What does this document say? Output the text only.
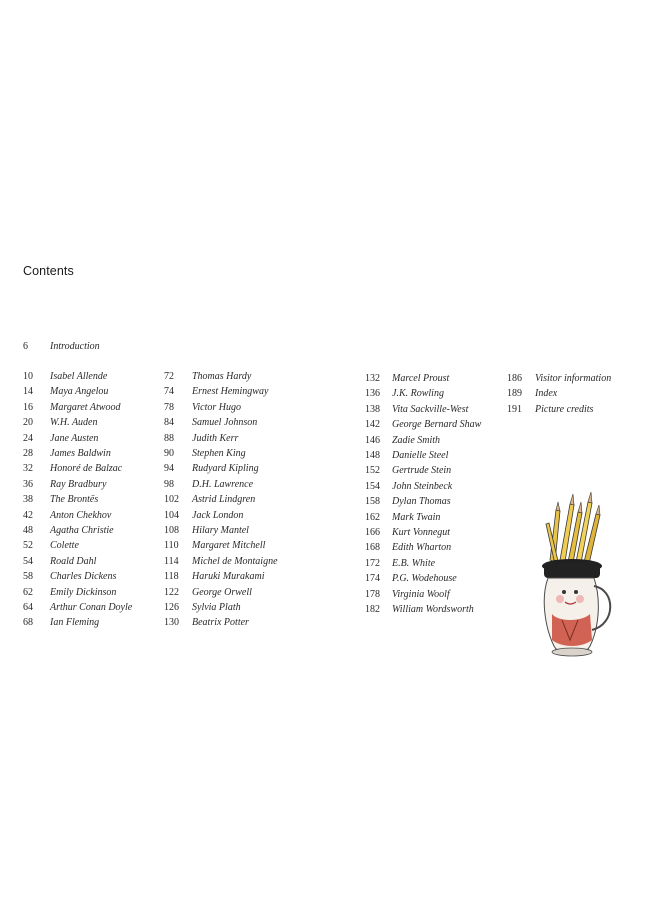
Contents
6	Introduction
10	Isabel Allende
14	Maya Angelou
16	Margaret Atwood
20	W.H. Auden
24	Jane Austen
28	James Baldwin
32	Honoré de Balzac
36	Ray Bradbury
38	The Brontës
42	Anton Chekhov
48	Agatha Christie
52	Colette
54	Roald Dahl
58	Charles Dickens
62	Emily Dickinson
64	Arthur Conan Doyle
68	Ian Fleming
72	Thomas Hardy
74	Ernest Hemingway
78	Victor Hugo
84	Samuel Johnson
88	Judith Kerr
90	Stephen King
94	Rudyard Kipling
98	D.H. Lawrence
102	Astrid Lindgren
104	Jack London
108	Hilary Mantel
110	Margaret Mitchell
114	Michel de Montaigne
118	Haruki Murakami
122	George Orwell
126	Sylvia Plath
130	Beatrix Potter
132	Marcel Proust
136	J.K. Rowling
138	Vita Sackville-West
142	George Bernard Shaw
146	Zadie Smith
148	Danielle Steel
152	Gertrude Stein
154	John Steinbeck
158	Dylan Thomas
162	Mark Twain
166	Kurt Vonnegut
168	Edith Wharton
172	E.B. White
174	P.G. Wodehouse
178	Virginia Woolf
182	William Wordsworth
186	Visitor information
189	Index
191	Picture credits
